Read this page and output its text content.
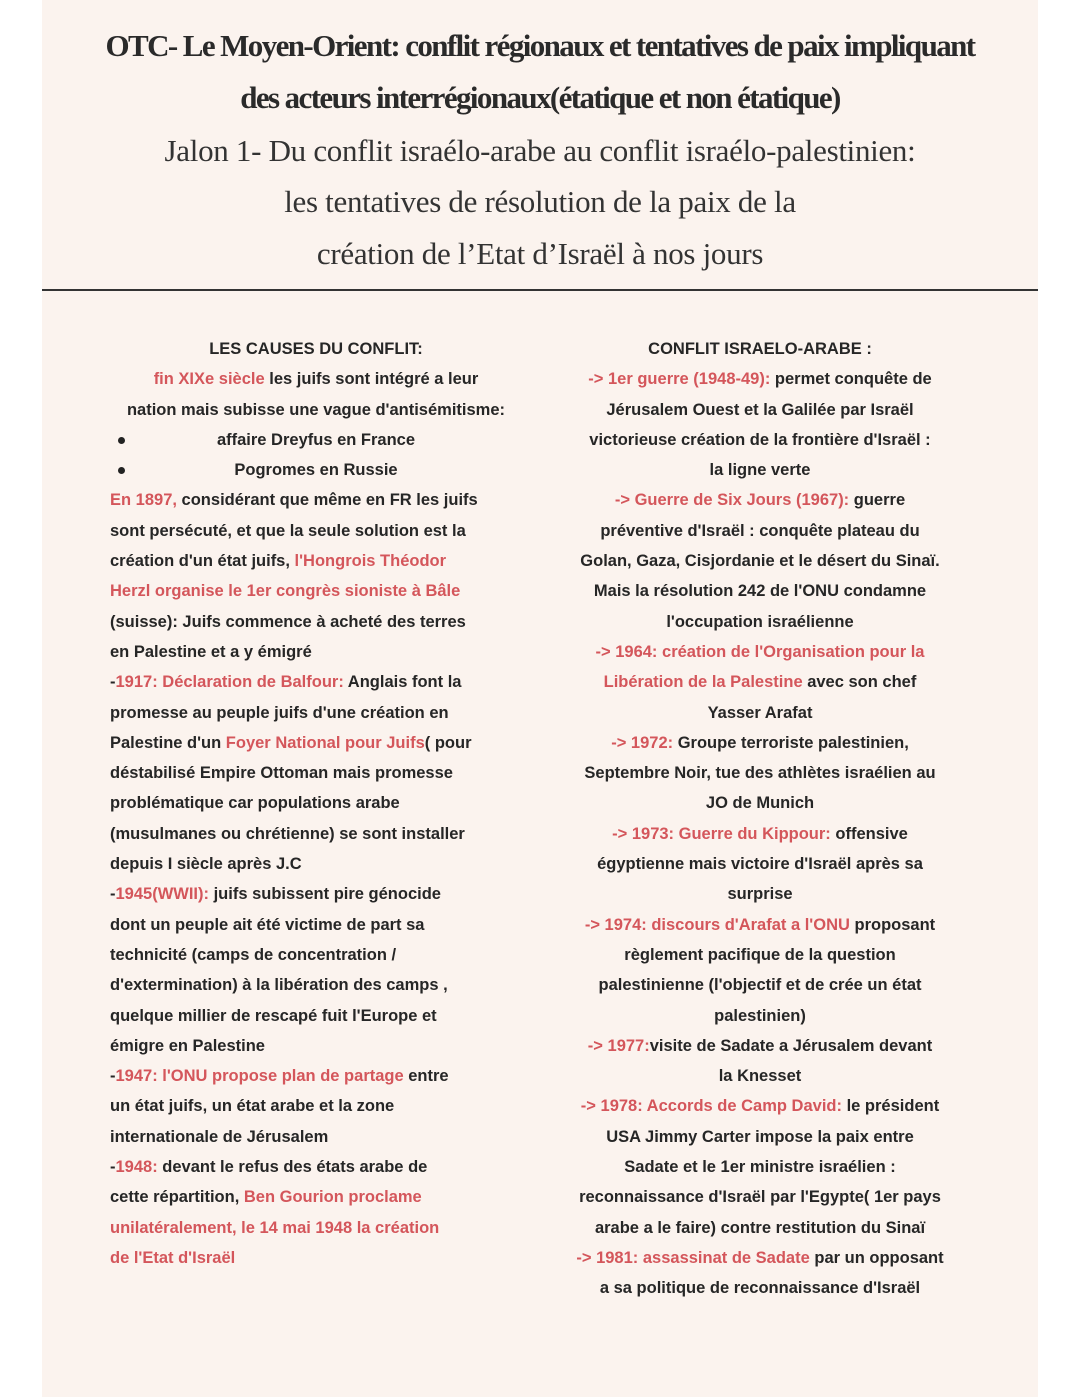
OTC- Le Moyen-Orient: conflit régionaux et tentatives de paix impliquant
des acteurs interrégionaux(étatique et non étatique)
Jalon 1- Du conflit israélo-arabe au conflit israélo-palestinien:
les tentatives de résolution de la paix de la
création de l’Etat d’Israël à nos jours
LES CAUSES DU CONFLIT:
fin XIXe siècle les juifs sont intégré a leur
nation mais subisse une vague d'antisémitisme:
affaire Dreyfus en France
Pogromes en Russie
En 1897, considérant que même en FR les juifs
sont persécuté, et que la seule solution est la
création d'un état juifs, l'Hongrois Théodor
Herzl organise le 1er congrès sioniste à Bâle
(suisse): Juifs commence à acheté des terres
en Palestine et a y émigré
-1917: Déclaration de Balfour: Anglais font la
promesse au peuple juifs d'une création en
Palestine d'un Foyer National pour Juifs( pour
déstabilisé Empire Ottoman mais promesse
problématique car populations arabe
(musulmanes ou chrétienne) se sont installer
depuis I siècle après J.C
-1945(WWII): juifs subissent pire génocide
dont un peuple ait été victime de part sa
technicité (camps de concentration /
d'extermination) à la libération des camps ,
quelque millier de rescapé fuit l'Europe et
émigre en Palestine
-1947: l'ONU propose plan de partage entre
un état juifs, un état arabe et la zone
internationale de Jérusalem
-1948: devant le refus des états arabe de
cette répartition, Ben Gourion proclame
unilatéralement, le 14 mai 1948 la création
de l'Etat d'Israël
CONFLIT ISRAELO-ARABE :
-> 1er guerre (1948-49): permet conquête de
Jérusalem Ouest et la Galilée par Israël
victorieuse création de la frontière d'Israël :
la ligne verte
-> Guerre de Six Jours (1967): guerre
préventive d'Israël : conquête plateau du
Golan, Gaza, Cisjordanie et le désert du Sinaï.
Mais la résolution 242 de l'ONU condamne
l'occupation israélienne
-> 1964: création de l'Organisation pour la
Libération de la Palestine avec son chef
Yasser Arafat
-> 1972: Groupe terroriste palestinien,
Septembre Noir, tue des athlètes israélien au
JO de Munich
-> 1973: Guerre du Kippour: offensive
égyptienne mais victoire d'Israël après sa
surprise
-> 1974: discours d'Arafat a l'ONU proposant
règlement pacifique de la question
palestinienne (l'objectif et de crée un état
palestinien)
-> 1977:visite de Sadate a Jérusalem devant
la Knesset
-> 1978: Accords de Camp David: le président
USA Jimmy Carter impose la paix entre
Sadate et le 1er ministre israélien :
reconnaissance d'Israël par l'Egypte( 1er pays
arabe a le faire) contre restitution du Sinaï
-> 1981: assassinat de Sadate par un opposant
a sa politique de reconnaissance d'Israël
